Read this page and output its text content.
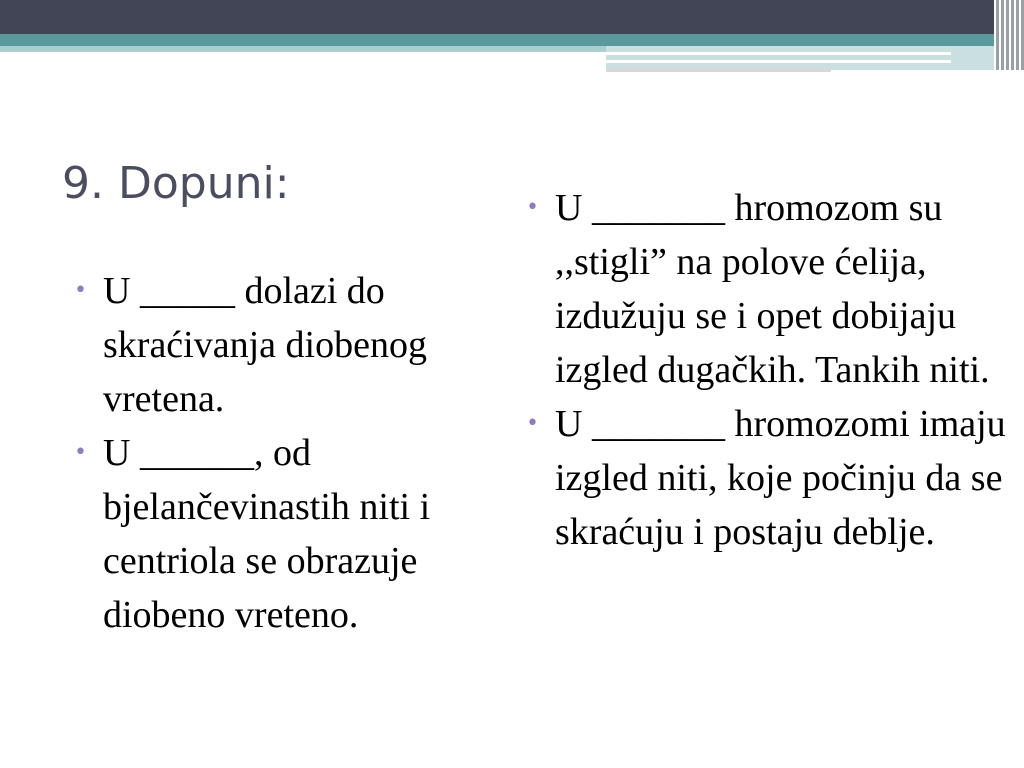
9. Dopuni:
• U _____ dolazi do skraćivanja diobenog vretena.
• U ______, od bjelančevinastih niti i centriola se obrazuje diobeno vreteno.
• U _______ hromozom su ,,stigli” na polove ćelija, izdužuju se i opet dobijaju izgled dugačkih. Tankih niti.
• U _______ hromozomi imaju izgled niti, koje počinju da se skraćuju i postaju deblje.
